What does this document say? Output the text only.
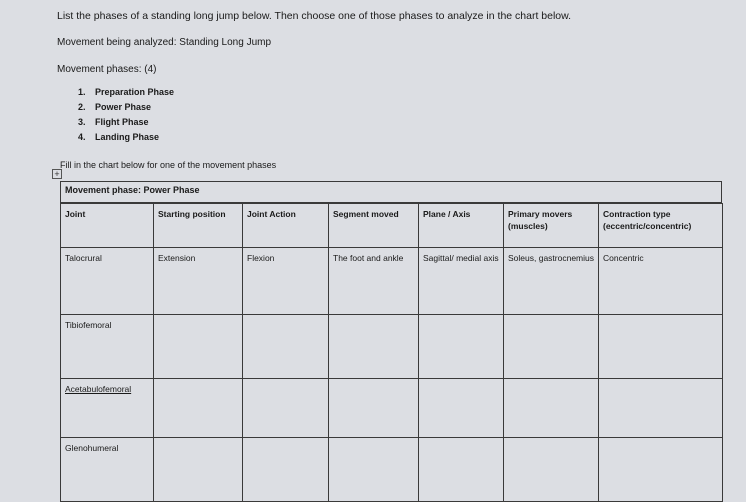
List the phases of a standing long jump below. Then choose one of those phases to analyze in the chart below.
Movement being analyzed: Standing Long Jump
Movement phases: (4)
1. Preparation Phase
2. Power Phase
3. Flight Phase
4. Landing Phase
Fill in the chart below for one of the movement phases
+
Movement phase: Power Phase
Joint	Starting position	Joint Action	Segment moved	Plane / Axis	Primary movers (muscles)	Contraction type (eccentric/concentric)
Talocrural	Extension	Flexion	The foot and ankle	Sagittal/ medial axis	Soleus, gastrocnemius	Concentric
Tibiofemoral						
Acetabulofemoral						
Glenohumeral						
